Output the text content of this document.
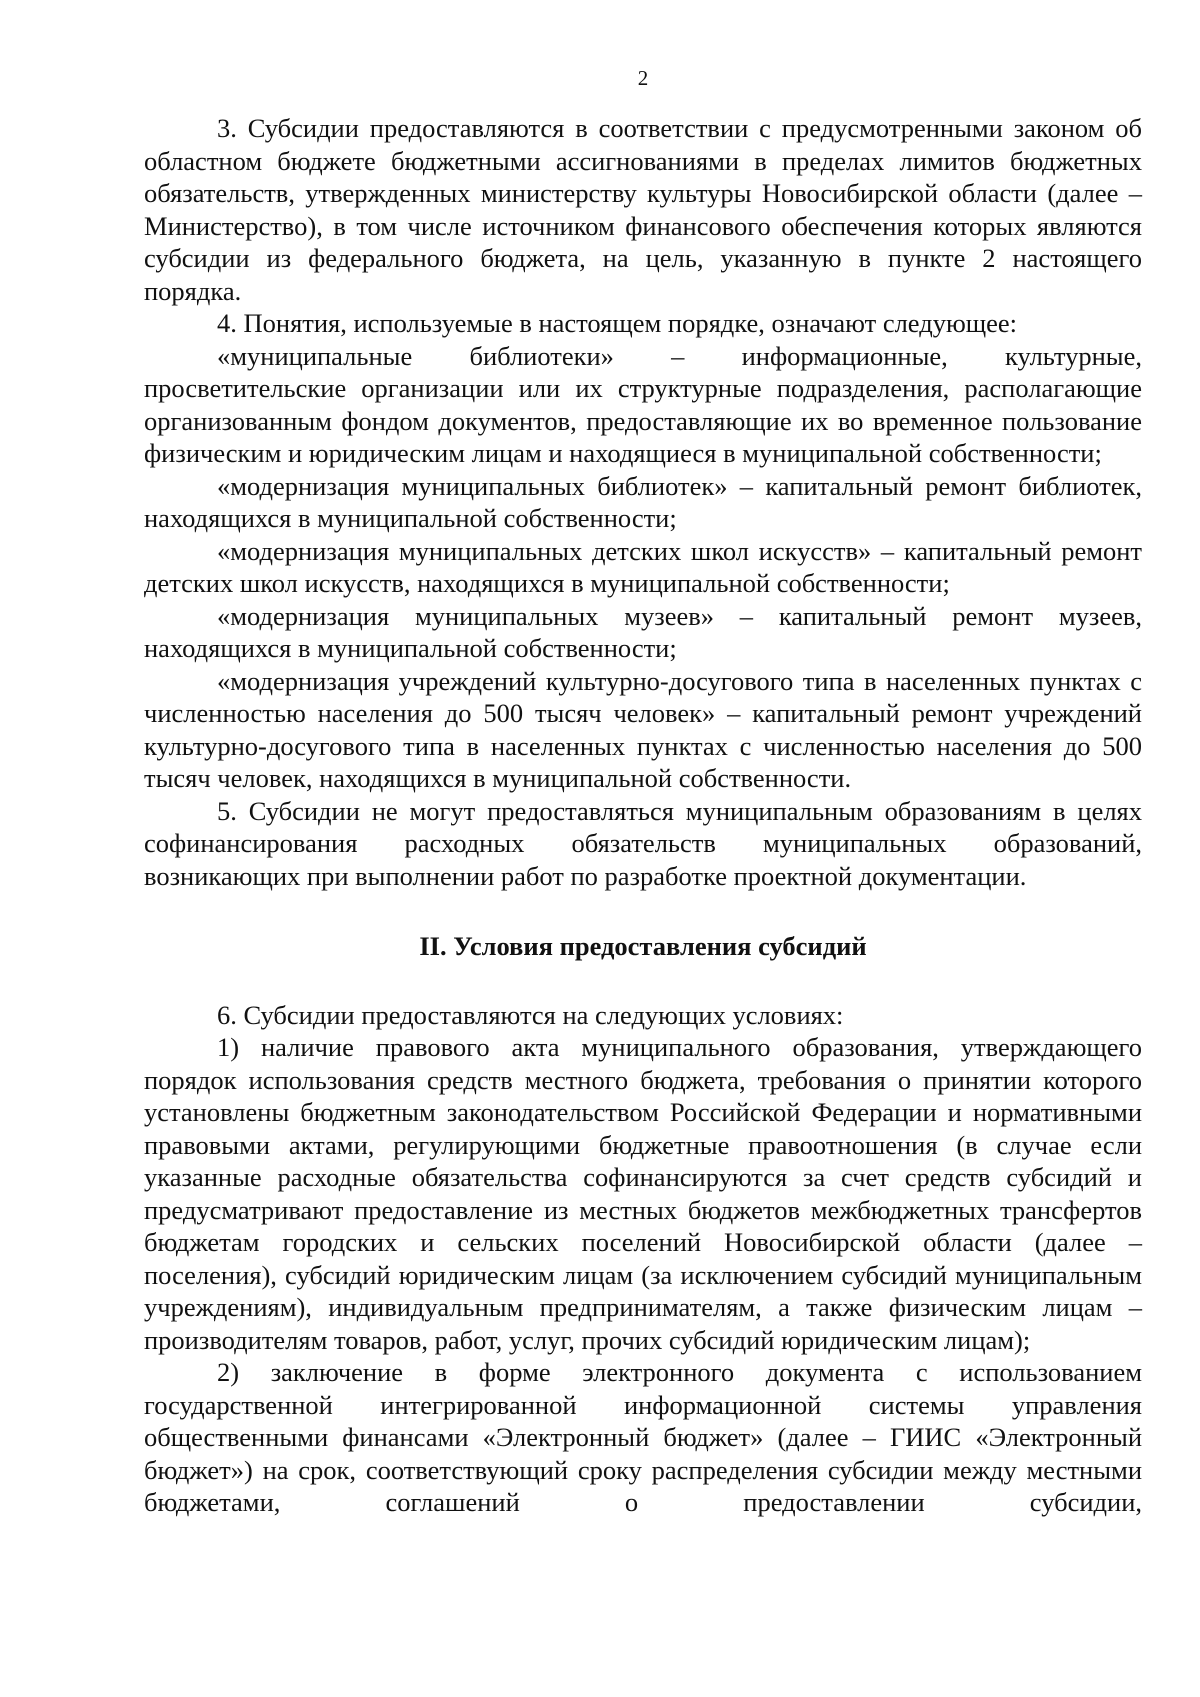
2

3. Субсидии предоставляются в соответствии с предусмотренными законом об областном бюджете бюджетными ассигнованиями в пределах лимитов бюджетных обязательств, утвержденных министерству культуры Новосибирской области (далее – Министерство), в том числе источником финансового обеспечения которых являются субсидии из федерального бюджета, на цель, указанную в пункте 2 настоящего порядка.

4. Понятия, используемые в настоящем порядке, означают следующее:

«муниципальные библиотеки» – информационные, культурные, просветительские организации или их структурные подразделения, располагающие организованным фондом документов, предоставляющие их во временное пользование физическим и юридическим лицам и находящиеся в муниципальной собственности;

«модернизация муниципальных библиотек» – капитальный ремонт библиотек, находящихся в муниципальной собственности;

«модернизация муниципальных детских школ искусств» – капитальный ремонт детских школ искусств, находящихся в муниципальной собственности;

«модернизация муниципальных музеев» – капитальный ремонт музеев, находящихся в муниципальной собственности;

«модернизация учреждений культурно-досугового типа в населенных пунктах с численностью населения до 500 тысяч человек» – капитальный ремонт учреждений культурно-досугового типа в населенных пунктах с численностью населения до 500 тысяч человек, находящихся в муниципальной собственности.

5. Субсидии не могут предоставляться муниципальным образованиям в целях софинансирования расходных обязательств муниципальных образований, возникающих при выполнении работ по разработке проектной документации.

II. Условия предоставления субсидий

6. Субсидии предоставляются на следующих условиях:

1) наличие правового акта муниципального образования, утверждающего порядок использования средств местного бюджета, требования о принятии которого установлены бюджетным законодательством Российской Федерации и нормативными правовыми актами, регулирующими бюджетные правоотношения (в случае если указанные расходные обязательства софинансируются за счет средств субсидий и предусматривают предоставление из местных бюджетов межбюджетных трансфертов бюджетам городских и сельских поселений Новосибирской области (далее – поселения), субсидий юридическим лицам (за исключением субсидий муниципальным учреждениям), индивидуальным предпринимателям, а также физическим лицам – производителям товаров, работ, услуг, прочих субсидий юридическим лицам);

2) заключение в форме электронного документа с использованием государственной интегрированной информационной системы управления общественными финансами «Электронный бюджет» (далее – ГИИС «Электронный бюджет») на срок, соответствующий сроку распределения субсидии между местными бюджетами, соглашений о предоставлении субсидии,
